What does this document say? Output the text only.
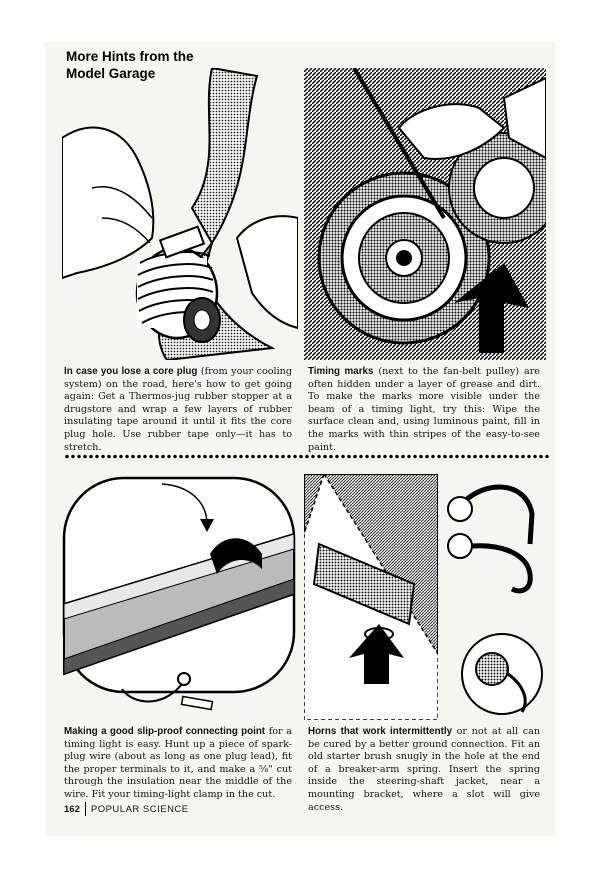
More Hints from the
Model Garage
In case you lose a core plug (from your cooling system) on the road, here's how to get going again: Get a Thermos-jug rubber stopper at a drugstore and wrap a few layers of rubber insulating tape around it until it fits the core plug hole. Use rubber tape only—it has to stretch.
Timing marks (next to the fan-belt pulley) are often hidden under a layer of grease and dirt. To make the marks more visible under the beam of a timing light, try this: Wipe the surface clean and, using luminous paint, fill in the marks with thin stripes of the easy-to-see paint.
Making a good slip-proof connecting point for a timing light is easy. Hunt up a piece of spark-plug wire (about as long as one plug lead), fit the proper terminals to it, and make a ⅝" cut through the insulation near the middle of the wire. Fit your timing-light clamp in the cut.
Horns that work intermittently or not at all can be cured by a better ground connection. Fit an old starter brush snugly in the hole at the end of a breaker-arm spring. Insert the spring inside the steering-shaft jacket, near a mounting bracket, where a slot will give access.
162 POPULAR SCIENCE
